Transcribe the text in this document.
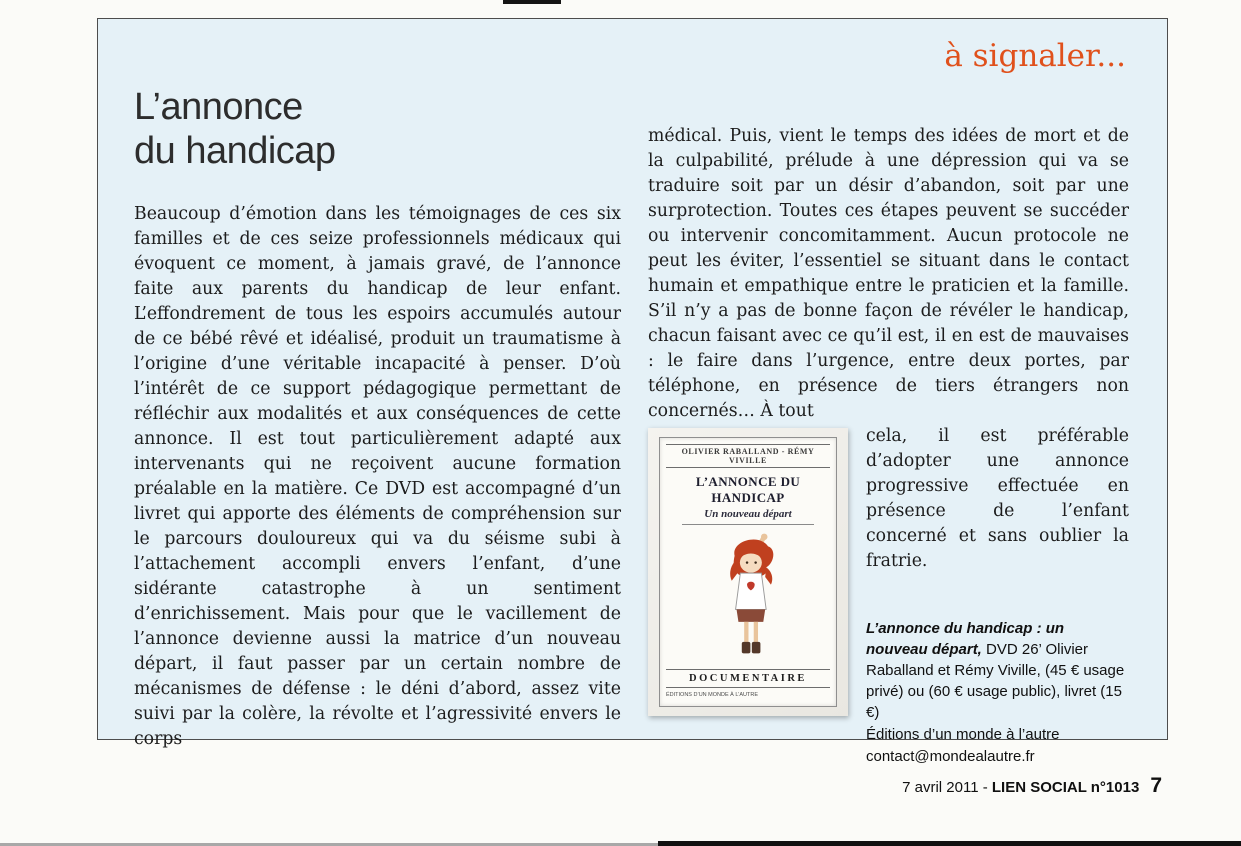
à signaler...
L’annonce
du handicap

Beaucoup d’émotion dans les témoignages de ces six familles et de ces seize professionnels médicaux qui évoquent ce moment, à jamais gravé, de l’annonce faite aux parents du handicap de leur enfant. L’effondrement de tous les espoirs accumulés autour de ce bébé rêvé et idéalisé, produit un traumatisme à l’origine d’une véritable incapacité à penser. D’où l’intérêt de ce support pédagogique permettant de réfléchir aux modalités et aux conséquences de cette annonce. Il est tout particulièrement adapté aux intervenants qui ne reçoivent aucune formation préalable en la matière. Ce DVD est accompagné d’un livret qui apporte des éléments de compréhension sur le parcours douloureux qui va du séisme subi à l’attachement accompli envers l’enfant, d’une sidérante catastrophe à un sentiment d’enrichissement. Mais pour que le vacillement de l’annonce devienne aussi la matrice d’un nouveau départ, il faut passer par un certain nombre de mécanismes de défense : le déni d’abord, assez vite suivi par la colère, la révolte et l’agressivité envers le corps

médical. Puis, vient le temps des idées de mort et de la culpabilité, prélude à une dépression qui va se traduire soit par un désir d’abandon, soit par une surprotection. Toutes ces étapes peuvent se succéder ou intervenir concomitamment. Aucun protocole ne peut les éviter, l’essentiel se situant dans le contact humain et empathique entre le praticien et la famille. S’il n’y a pas de bonne façon de révéler le handicap, chacun faisant avec ce qu’il est, il en est de mauvaises : le faire dans l’urgence, entre deux portes, par téléphone, en présence de tiers étrangers non concernés… À tout

OLIVIER RABALLAND - RÉMY VIVILLE
L’ANNONCE DU HANDICAP
Un nouveau départ
DOCUMENTAIRE
ÉDITIONS D’UN MONDE À L’AUTRE

cela, il est préférable d’adopter une annonce progressive effectuée en présence de l’enfant concerné et sans oublier la fratrie.

L’annonce du handicap : un nouveau départ, DVD 26’ Olivier Raballand et Rémy Viville, (45 € usage privé) ou (60 € usage public), livret (15 €)
Éditions d’un monde à l’autre
contact@mondealautre.fr
7 avril 2011 - LIEN SOCIAL n°1013 7
